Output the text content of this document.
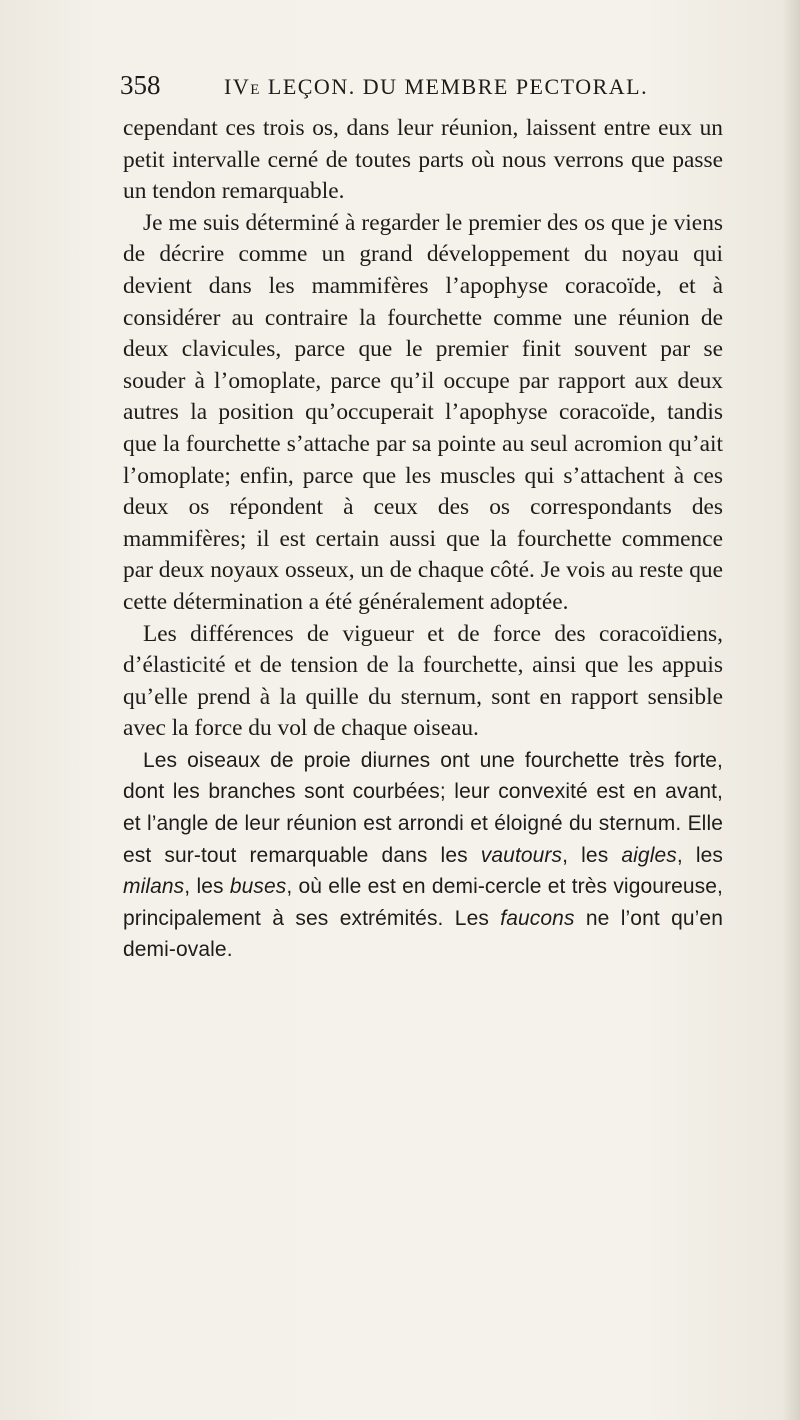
358	IVe LEÇON. DU MEMBRE PECTORAL.

cependant ces trois os, dans leur réunion, laissent entre eux un petit intervalle cerné de toutes parts où nous verrons que passe un tendon remarquable.

Je me suis déterminé à regarder le premier des os que je viens de décrire comme un grand développement du noyau qui devient dans les mammifères l’apophyse coracoïde, et à considérer au contraire la fourchette comme une réunion de deux clavicules, parce que le premier finit souvent par se souder à l’omoplate, parce qu’il occupe par rapport aux deux autres la position qu’occuperait l’apophyse coracoïde, tandis que la fourchette s’attache par sa pointe au seul acromion qu’ait l’omoplate; enfin, parce que les muscles qui s’attachent à ces deux os répondent à ceux des os correspondants des mammifères; il est certain aussi que la fourchette commence par deux noyaux osseux, un de chaque côté. Je vois au reste que cette détermination a été généralement adoptée.

Les différences de vigueur et de force des coracoïdiens, d’élasticité et de tension de la fourchette, ainsi que les appuis qu’elle prend à la quille du sternum, sont en rapport sensible avec la force du vol de chaque oiseau.

Les oiseaux de proie diurnes ont une fourchette très forte, dont les branches sont courbées; leur convexité est en avant, et l’angle de leur réunion est arrondi et éloigné du sternum. Elle est sur-tout remarquable dans les vautours, les aigles, les milans, les buses, où elle est en demi-cercle et très vigoureuse, principalement à ses extrémités. Les faucons ne l’ont qu’en demi-ovale.
